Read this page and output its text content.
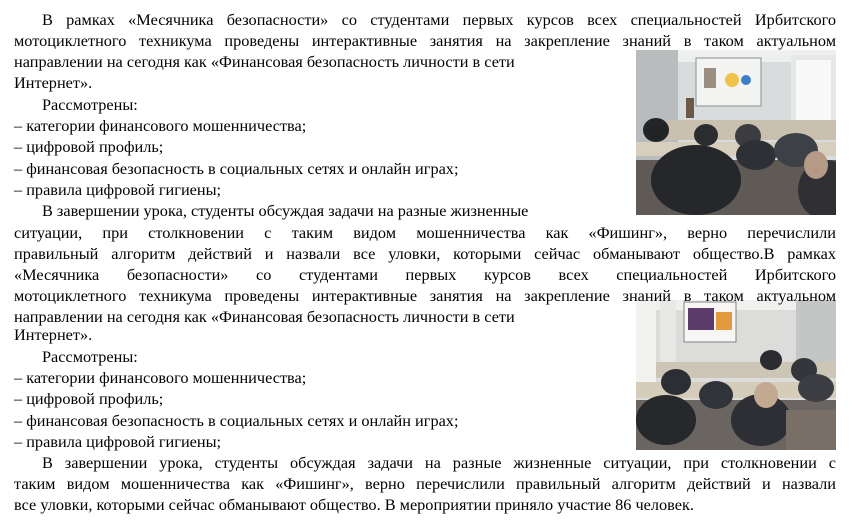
В рамках «Месячника безопасности» со студентами первых курсов всех специальностей Ирбитского
мотоциклетного техникума проведены интерактивные занятия на закрепление знаний в таком актуальном
направлении на сегодня как «Финансовая безопасность личности в сети
Интернет».
Рассмотрены:
– категории финансового мошенничества;
– цифровой профиль;
– финансовая безопасность в социальных сетях и онлайн играх;
– правила цифровой гигиены;
В завершении урока, студенты обсуждая задачи на разные жизненные
ситуации, при столкновении с таким видом мошенничества как «Фишинг», верно перечислили
правильный алгоритм действий и назвали все уловки, которыми сейчас обманывают общество.В рамках
«Месячника безопасности» со студентами первых курсов всех специальностей Ирбитского
мотоциклетного техникума проведены интерактивные занятия на закрепление знаний в таком актуальном
направлении на сегодня как «Финансовая безопасность личности в сети
Интернет».
Рассмотрены:
– категории финансового мошенничества;
– цифровой профиль;
– финансовая безопасность в социальных сетях и онлайн играх;
– правила цифровой гигиены;
В завершении урока, студенты обсуждая задачи на разные жизненные ситуации, при столкновении с
таким видом мошенничества как «Фишинг», верно перечислили правильный алгоритм действий и назвали
все уловки, которыми сейчас обманывают общество. В мероприятии приняло участие 86 человек.
